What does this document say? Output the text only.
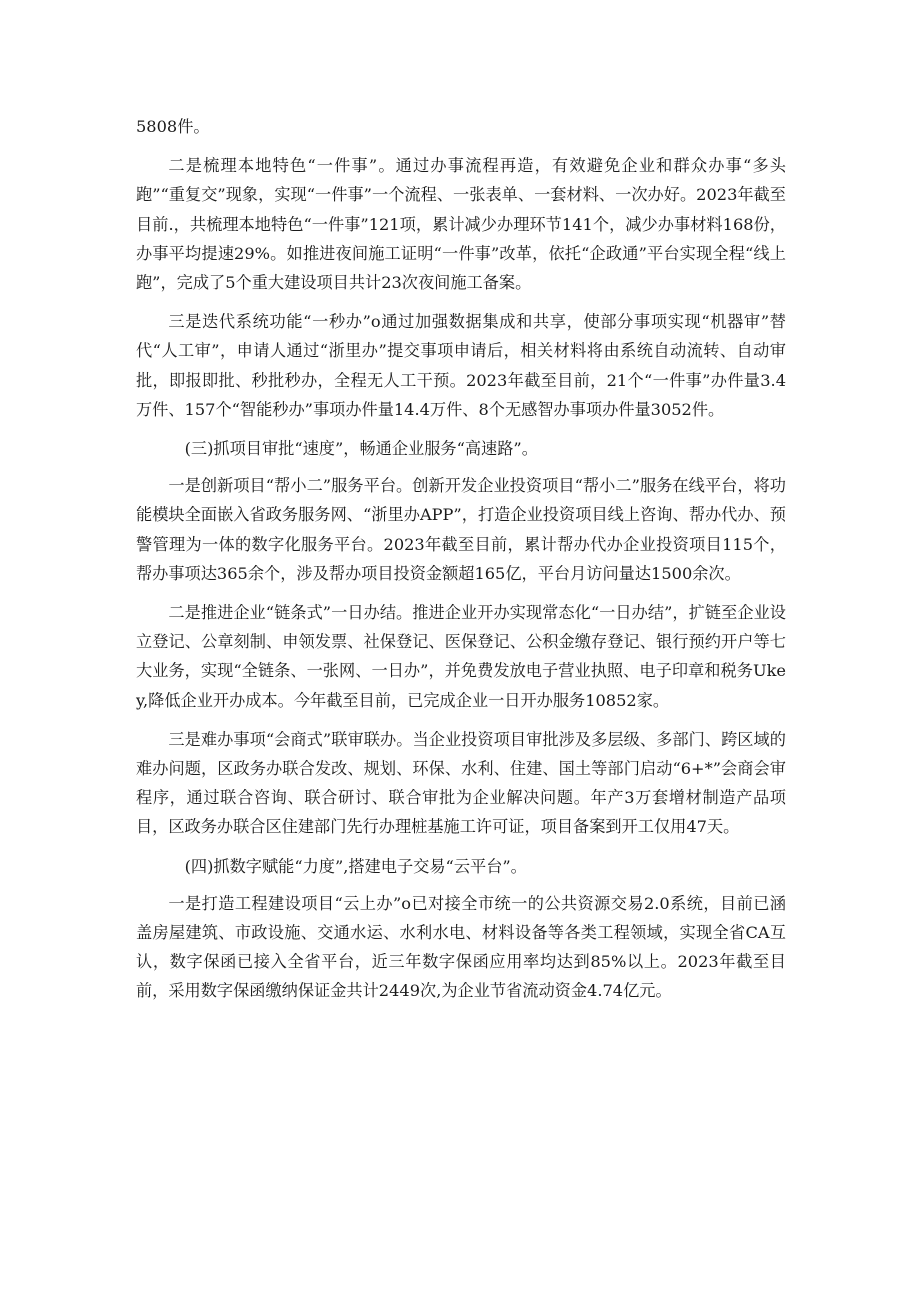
5808件。

二是梳理本地特色“一件事”。通过办事流程再造，有效避免企业和群众办事“多头跑”“重复交”现象，实现“一件事”一个流程、一张表单、一套材料、一次办好。2023年截至目前.，共梳理本地特色“一件事”121项，累计减少办理环节141个，减少办事材料168份，办事平均提速29%。如推进夜间施工证明“一件事”改革，依托“企政通”平台实现全程“线上跑”，完成了5个重大建设项目共计23次夜间施工备案。

三是迭代系统功能“一秒办”o通过加强数据集成和共享，使部分事项实现“机器审”替代“人工审”，申请人通过“浙里办”提交事项申请后，相关材料将由系统自动流转、自动审批，即报即批、秒批秒办，全程无人工干预。2023年截至目前，21个“一件事”办件量3.4万件、157个“智能秒办”事项办件量14.4万件、8个无感智办事项办件量3052件。

(三)抓项目审批“速度”，畅通企业服务“高速路”。

一是创新项目“帮小二”服务平台。创新开发企业投资项目“帮小二”服务在线平台，将功能模块全面嵌入省政务服务网、“浙里办APP”，打造企业投资项目线上咨询、帮办代办、预警管理为一体的数字化服务平台。2023年截至目前，累计帮办代办企业投资项目115个，帮办事项达365余个，涉及帮办项目投资金额超165亿，平台月访问量达1500余次。

二是推进企业“链条式”一日办结。推进企业开办实现常态化“一日办结”，扩链至企业设立登记、公章刻制、申领发票、社保登记、医保登记、公积金缴存登记、银行预约开户等七大业务，实现“全链条、一张网、一日办”，并免费发放电子营业执照、电子印章和税务Ukey,降低企业开办成本。今年截至目前，已完成企业一日开办服务10852家。

三是难办事项“会商式”联审联办。当企业投资项目审批涉及多层级、多部门、跨区域的难办问题，区政务办联合发改、规划、环保、水利、住建、国土等部门启动“6+*”会商会审程序，通过联合咨询、联合研讨、联合审批为企业解决问题。年产3万套增材制造产品项目，区政务办联合区住建部门先行办理桩基施工许可证，项目备案到开工仅用47天。

(四)抓数字赋能“力度”,搭建电子交易“云平台”。

一是打造工程建设项目“云上办”o已对接全市统一的公共资源交易2.0系统，目前已涵盖房屋建筑、市政设施、交通水运、水利水电、材料设备等各类工程领域，实现全省CA互认，数字保函已接入全省平台，近三年数字保函应用率均达到85%以上。2023年截至目前，采用数字保函缴纳保证金共计2449次,为企业节省流动资金4.74亿元。
